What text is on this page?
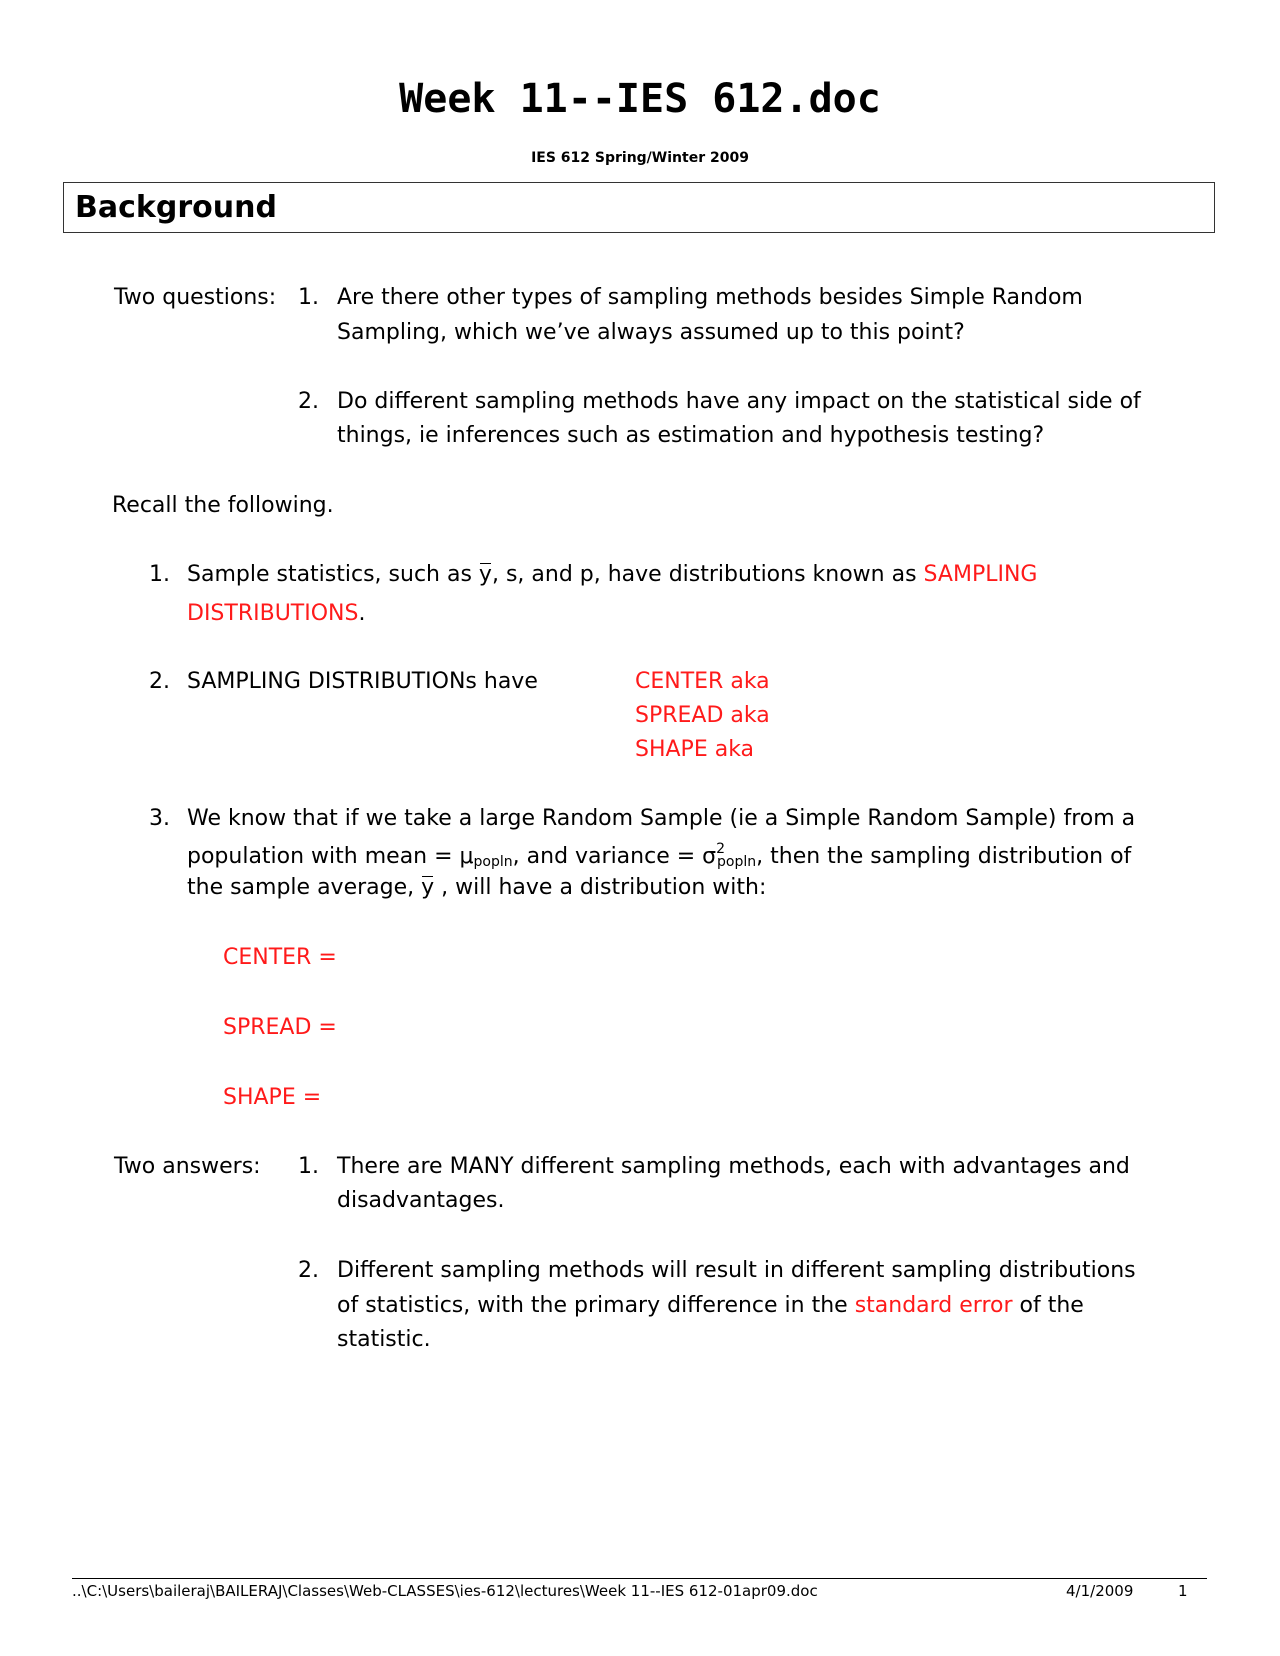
Week 11--IES 612.doc
IES 612 Spring/Winter 2009
Background
Two questions: 1. Are there other types of sampling methods besides Simple Random
Sampling, which we’ve always assumed up to this point?
2. Do different sampling methods have any impact on the statistical side of
things, ie inferences such as estimation and hypothesis testing?
Recall the following.
1. Sample statistics, such as y, s, and p, have distributions known as SAMPLING
DISTRIBUTIONS.
2. SAMPLING DISTRIBUTIONs have	CENTER aka
SPREAD aka
SHAPE aka
3. We know that if we take a large Random Sample (ie a Simple Random Sample) from a
population with mean = $\mu_{popln}$, and variance = $\sigma^2_{popln}$, then the sampling distribution of
the sample average, y , will have a distribution with:
CENTER =
SPREAD =
SHAPE =
Two answers: 1. There are MANY different sampling methods, each with advantages and
disadvantages.
2. Different sampling methods will result in different sampling distributions
of statistics, with the primary difference in the standard error of the
statistic.
..\C:\Users\baileraj\BAILERAJ\Classes\Web-CLASSES\ies-612\lectures\Week 11--IES 612-01apr09.doc	4/1/2009	1
